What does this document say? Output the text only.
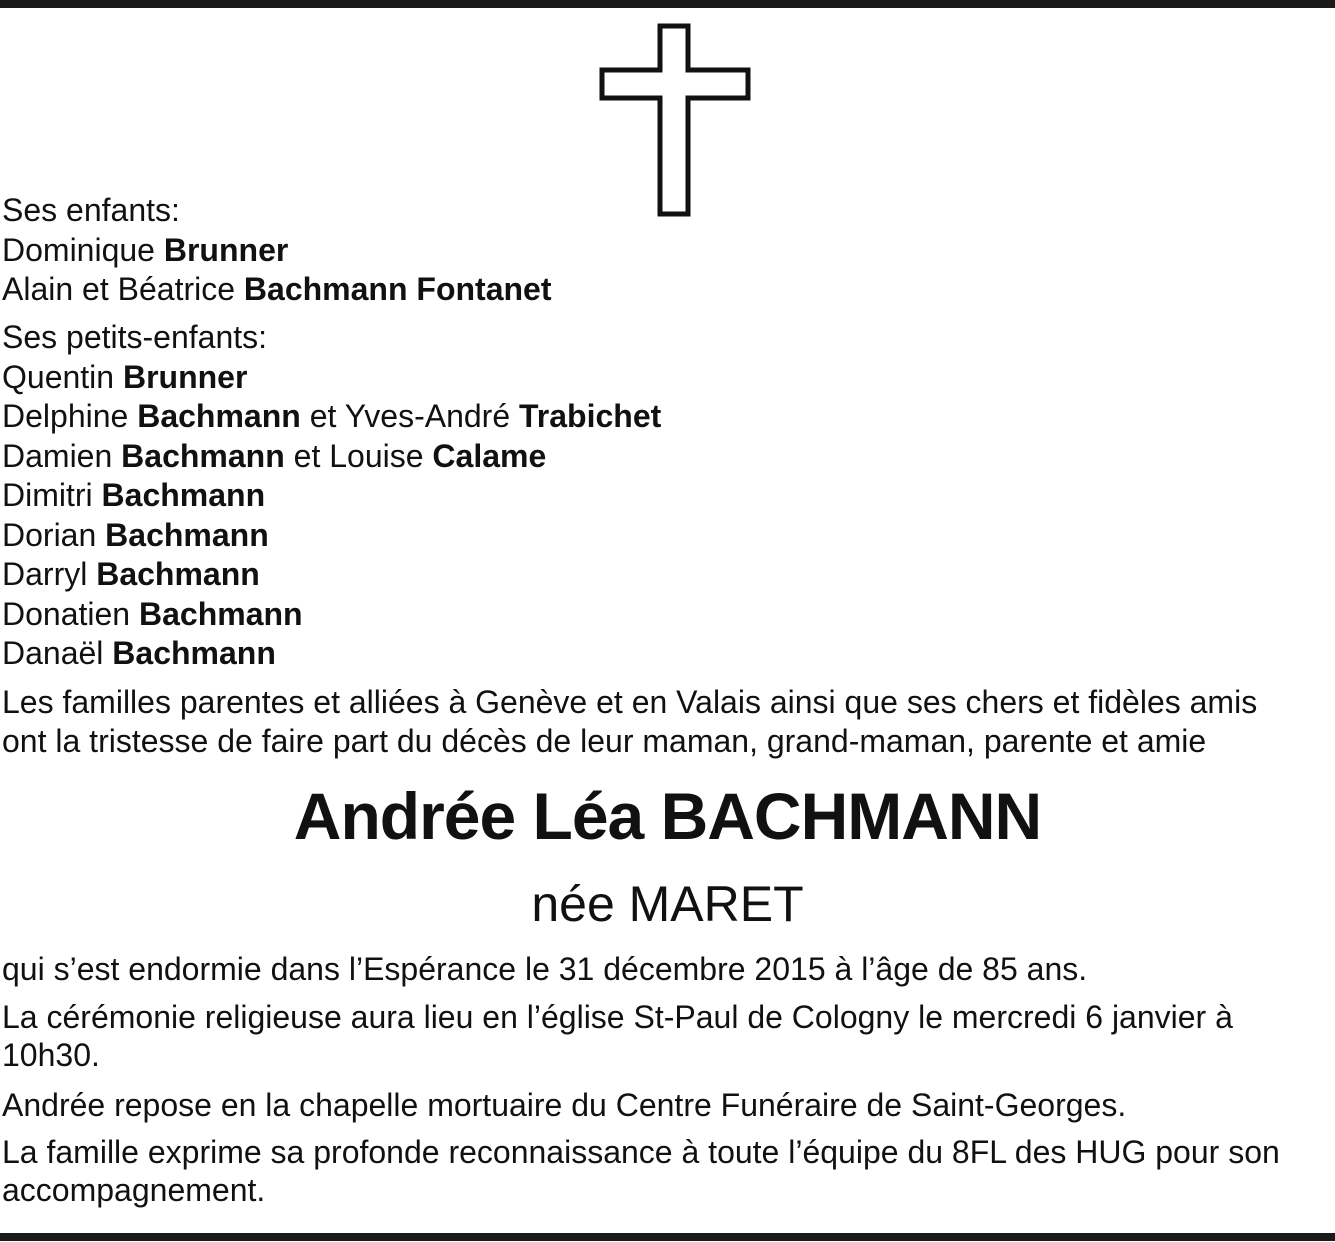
Ses enfants:
Dominique Brunner
Alain et Béatrice Bachmann Fontanet
Ses petits-enfants:
Quentin Brunner
Delphine Bachmann et Yves-André Trabichet
Damien Bachmann et Louise Calame
Dimitri Bachmann
Dorian Bachmann
Darryl Bachmann
Donatien Bachmann
Danaël Bachmann
Les familles parentes et alliées à Genève et en Valais ainsi que ses chers et fidèles amis
ont la tristesse de faire part du décès de leur maman, grand-maman, parente et amie
Andrée Léa BACHMANN
née MARET
qui s’est endormie dans l’Espérance le 31 décembre 2015 à l’âge de 85 ans.
La cérémonie religieuse aura lieu en l’église St-Paul de Cologny le mercredi 6 janvier à
10h30.
Andrée repose en la chapelle mortuaire du Centre Funéraire de Saint-Georges.
La famille exprime sa profonde reconnaissance à toute l’équipe du 8FL des HUG pour son
accompagnement.
